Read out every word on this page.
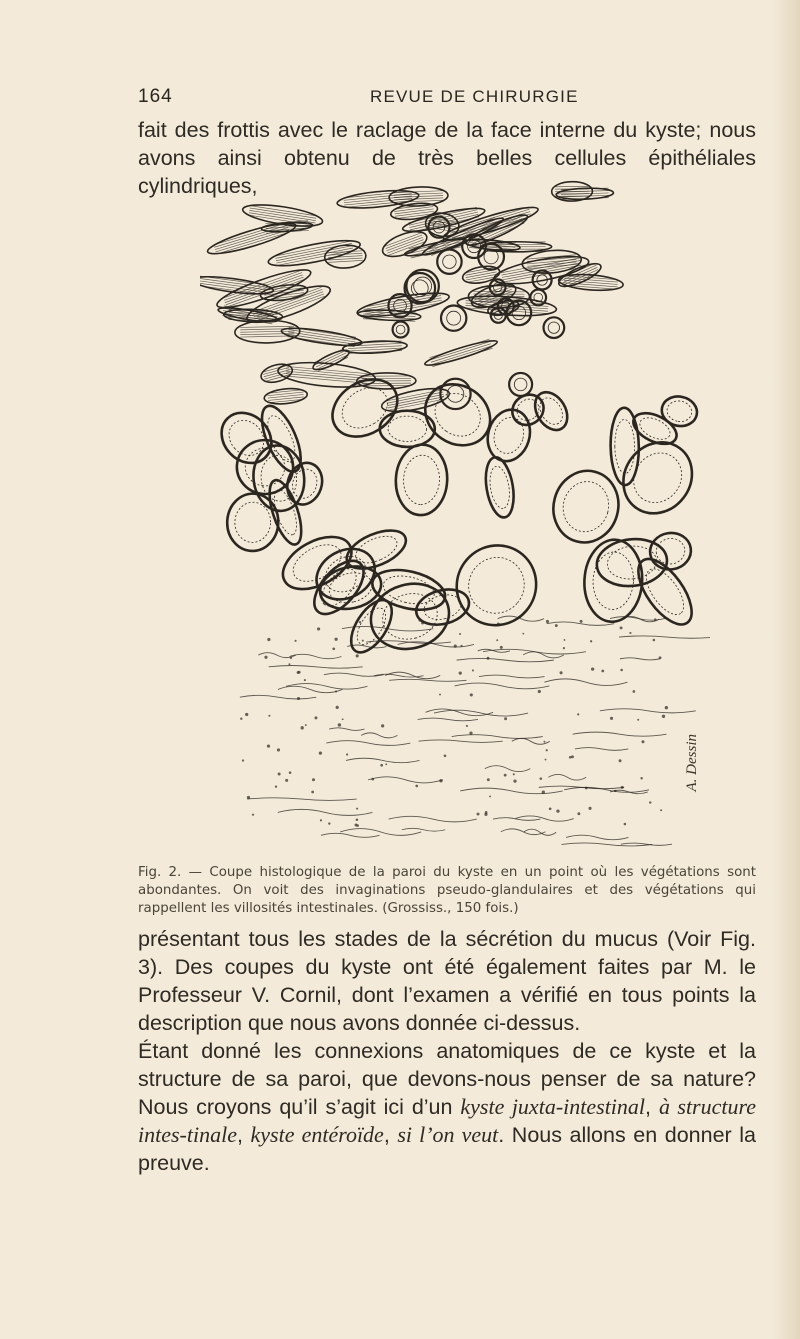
164	REVUE DE CHIRURGIE
fait des frottis avec le raclage de la face interne du kyste; nous avons ainsi obtenu de très belles cellules épithéliales cylindriques,
A. Dessin
Fig. 2. — Coupe histologique de la paroi du kyste en un point où les végétations sont abondantes. On voit des invaginations pseudo-glandulaires et des végétations qui rappellent les villosités intestinales. (Grossiss., 150 fois.)

présentant tous les stades de la sécrétion du mucus (Voir Fig. 3). Des coupes du kyste ont été également faites par M. le Professeur V. Cornil, dont l’examen a vérifié en tous points la description que nous avons donnée ci-dessus.

Étant donné les connexions anatomiques de ce kyste et la structure de sa paroi, que devons-nous penser de sa nature? Nous croyons qu’il s’agit ici d’un kyste juxta-intestinal, à structure intes-tinale, kyste entéroïde, si l’on veut. Nous allons en donner la preuve.
